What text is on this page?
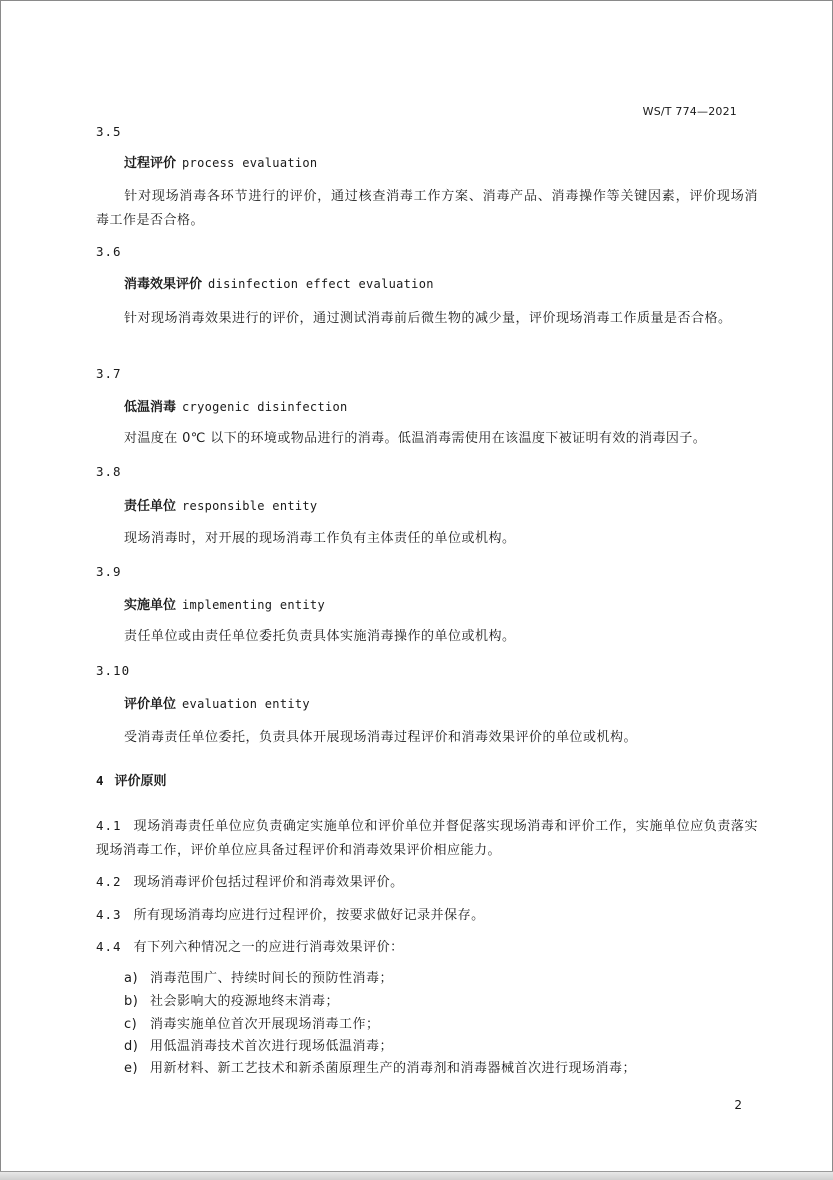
WS/T 774—2021
3.5
过程评价 process evaluation
针对现场消毒各环节进行的评价，通过核查消毒工作方案、消毒产品、消毒操作等关键因素，评价现场消毒工作是否合格。
3.6
消毒效果评价 disinfection effect evaluation
针对现场消毒效果进行的评价，通过测试消毒前后微生物的减少量，评价现场消毒工作质量是否合格。
3.7
低温消毒 cryogenic disinfection
对温度在 0℃ 以下的环境或物品进行的消毒。低温消毒需使用在该温度下被证明有效的消毒因子。
3.8
责任单位 responsible entity
现场消毒时，对开展的现场消毒工作负有主体责任的单位或机构。
3.9
实施单位 implementing entity
责任单位或由责任单位委托负责具体实施消毒操作的单位或机构。
3.10
评价单位 evaluation entity
受消毒责任单位委托，负责具体开展现场消毒过程评价和消毒效果评价的单位或机构。
4 评价原则
4.1 现场消毒责任单位应负责确定实施单位和评价单位并督促落实现场消毒和评价工作，实施单位应负责落实现场消毒工作，评价单位应具备过程评价和消毒效果评价相应能力。
4.2 现场消毒评价包括过程评价和消毒效果评价。
4.3 所有现场消毒均应进行过程评价，按要求做好记录并保存。
4.4 有下列六种情况之一的应进行消毒效果评价：
a) 消毒范围广、持续时间长的预防性消毒；
b) 社会影响大的疫源地终末消毒；
c) 消毒实施单位首次开展现场消毒工作；
d) 用低温消毒技术首次进行现场低温消毒；
e) 用新材料、新工艺技术和新杀菌原理生产的消毒剂和消毒器械首次进行现场消毒；
2
